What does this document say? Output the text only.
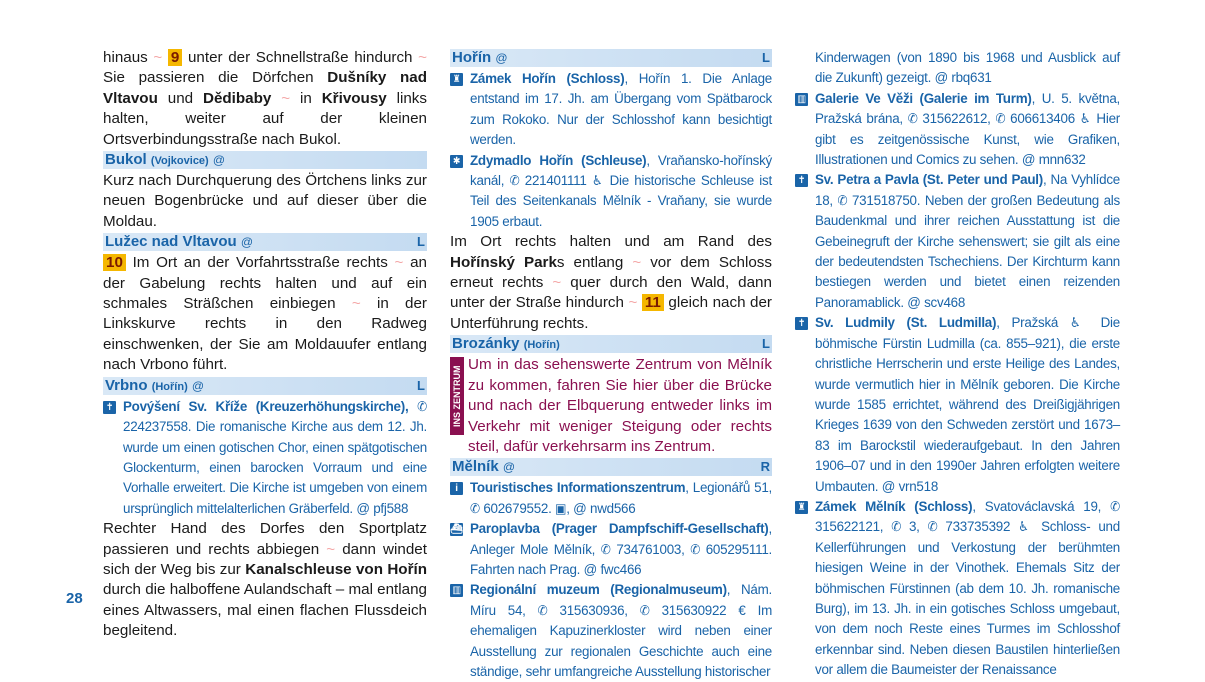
hinaus ~ 9 unter der Schnellstraße hindurch ~ Sie passieren die Dörfchen Dušníky nad Vltavou und Dědibaby ~ in Křivousy links halten, weiter auf der kleinen Ortsverbindungsstraße nach Bukol.

Bukol (Vojkovice) @

Kurz nach Durchquerung des Örtchens links zur neuen Bogenbrücke und auf dieser über die Moldau.

Lužec nad Vltavou @	L

10 Im Ort an der Vorfahrtsstraße rechts ~ an der Gabelung rechts halten und auf ein schmales Sträßchen einbiegen ~ in der Linkskurve rechts in den Radweg einschwenken, der Sie am Moldauufer entlang nach Vrbono führt.

Vrbno (Hořín) @	L

✝ Povýšení Sv. Kříže (Kreuzerhöhungskirche), ✆ 224237558. Die romanische Kirche aus dem 12. Jh. wurde um einen gotischen Chor, einen spätgotischen Glockenturm, einen barocken Vorraum und eine Vorhalle erweitert. Die Kirche ist umgeben von einem ursprünglich mittelalterlichen Gräberfeld. @ pfj588

Rechter Hand des Dorfes den Sportplatz passieren und rechts abbiegen ~ dann windet sich der Weg bis zur Kanalschleuse von Hořín durch die halboffene Aulandschaft – mal entlang eines Altwassers, mal einen flachen Flussdeich begleitend.

Hořín @	L

♜ Zámek Hořín (Schloss), Hořín 1. Die Anlage entstand im 17. Jh. am Übergang vom Spätbarock zum Rokoko. Nur der Schlosshof kann besichtigt werden.

✱ Zdymadlo Hořín (Schleuse), Vraňansko-hořínský kanál, ✆ 221401111 ♿ Die historische Schleuse ist Teil des Seitenkanals Mělník - Vraňany, sie wurde 1905 erbaut.

Im Ort rechts halten und am Rand des Hořínský Parks entlang ~ vor dem Schloss erneut rechts ~ quer durch den Wald, dann unter der Straße hindurch ~ 11 gleich nach der Unterführung rechts.

Brozánky (Hořín)	L
INS ZENTRUM

Um in das sehenswerte Zentrum von Mělník zu kommen, fahren Sie hier über die Brücke und nach der Elbquerung entweder links im Verkehr mit weniger Steigung oder rechts steil, dafür verkehrsarm ins Zentrum.

Mělník @	R

i Touristisches Informationszentrum, Legionářů 51, ✆ 602679552. ▣, @ nwd566

⛴ Paroplavba (Prager Dampfschiff-Gesellschaft), Anleger Mole Mělník, ✆ 734761003, ✆ 605295111. Fahrten nach Prag. @ fwc466

▥ Regionální muzeum (Regionalmuseum), Nám. Míru 54, ✆ 315630936, ✆ 315630922 € Im ehemaligen Kapuzinerkloster wird neben einer Ausstellung zur regionalen Geschichte auch eine ständige, sehr umfangreiche Ausstellung historischer

Kinderwagen (von 1890 bis 1968 und Ausblick auf die Zukunft) gezeigt. @ rbq631

▥ Galerie Ve Věži (Galerie im Turm), U. 5. května, Pražská brána, ✆ 315622612, ✆ 606613406 ♿ Hier gibt es zeitgenössische Kunst, wie Grafiken, Illustrationen und Comics zu sehen. @ mnn632

✝ Sv. Petra a Pavla (St. Peter und Paul), Na Vyhlídce 18, ✆ 731518750. Neben der großen Bedeutung als Baudenkmal und ihrer reichen Ausstattung ist die Gebeinegruft der Kirche sehenswert; sie gilt als eine der bedeutendsten Tschechiens. Der Kirchturm kann bestiegen werden und bietet einen reizenden Panoramablick. @ scv468

✝ Sv. Ludmily (St. Ludmilla), Pražská ♿ Die böhmische Fürstin Ludmilla (ca. 855–921), die erste christliche Herrscherin und erste Heilige des Landes, wurde vermutlich hier in Mělník geboren. Die Kirche wurde 1585 errichtet, während des Dreißigjährigen Krieges 1639 von den Schweden zerstört und 1673–83 im Barockstil wiederaufgebaut. In den Jahren 1906–07 und in den 1990er Jahren erfolgten weitere Umbauten. @ vrn518

♜ Zámek Mělník (Schloss), Svatováclavská 19, ✆ 315622121, ✆ 3, ✆ 733735392 ♿ Schloss- und Kellerführungen und Verkostung der berühmten hiesigen Weine in der Vinothek. Ehemals Sitz der böhmischen Fürstinnen (ab dem 10. Jh. romanische Burg), im 13. Jh. in ein gotisches Schloss umgebaut, von dem noch Reste eines Turmes im Schlosshof erkennbar sind. Neben diesen Baustilen hinterließen vor allem die Baumeister der Renaissance

28
